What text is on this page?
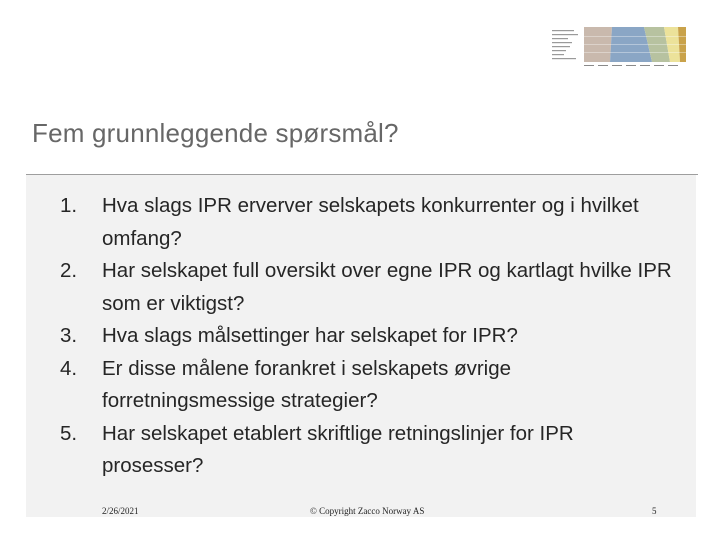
Fem grunnleggende spørsmål?
1. Hva slags IPR erverver selskapets konkurrenter og i hvilket omfang?
2. Har selskapet full oversikt over egne IPR og kartlagt hvilke IPR som er viktigst?
3. Hva slags målsettinger har selskapet for IPR?
4. Er disse målene forankret i selskapets øvrige forretningsmessige strategier?
5. Har selskapet etablert skriftlige retningslinjer for IPR prosesser?
2/26/2021	© Copyright Zacco Norway AS	5
